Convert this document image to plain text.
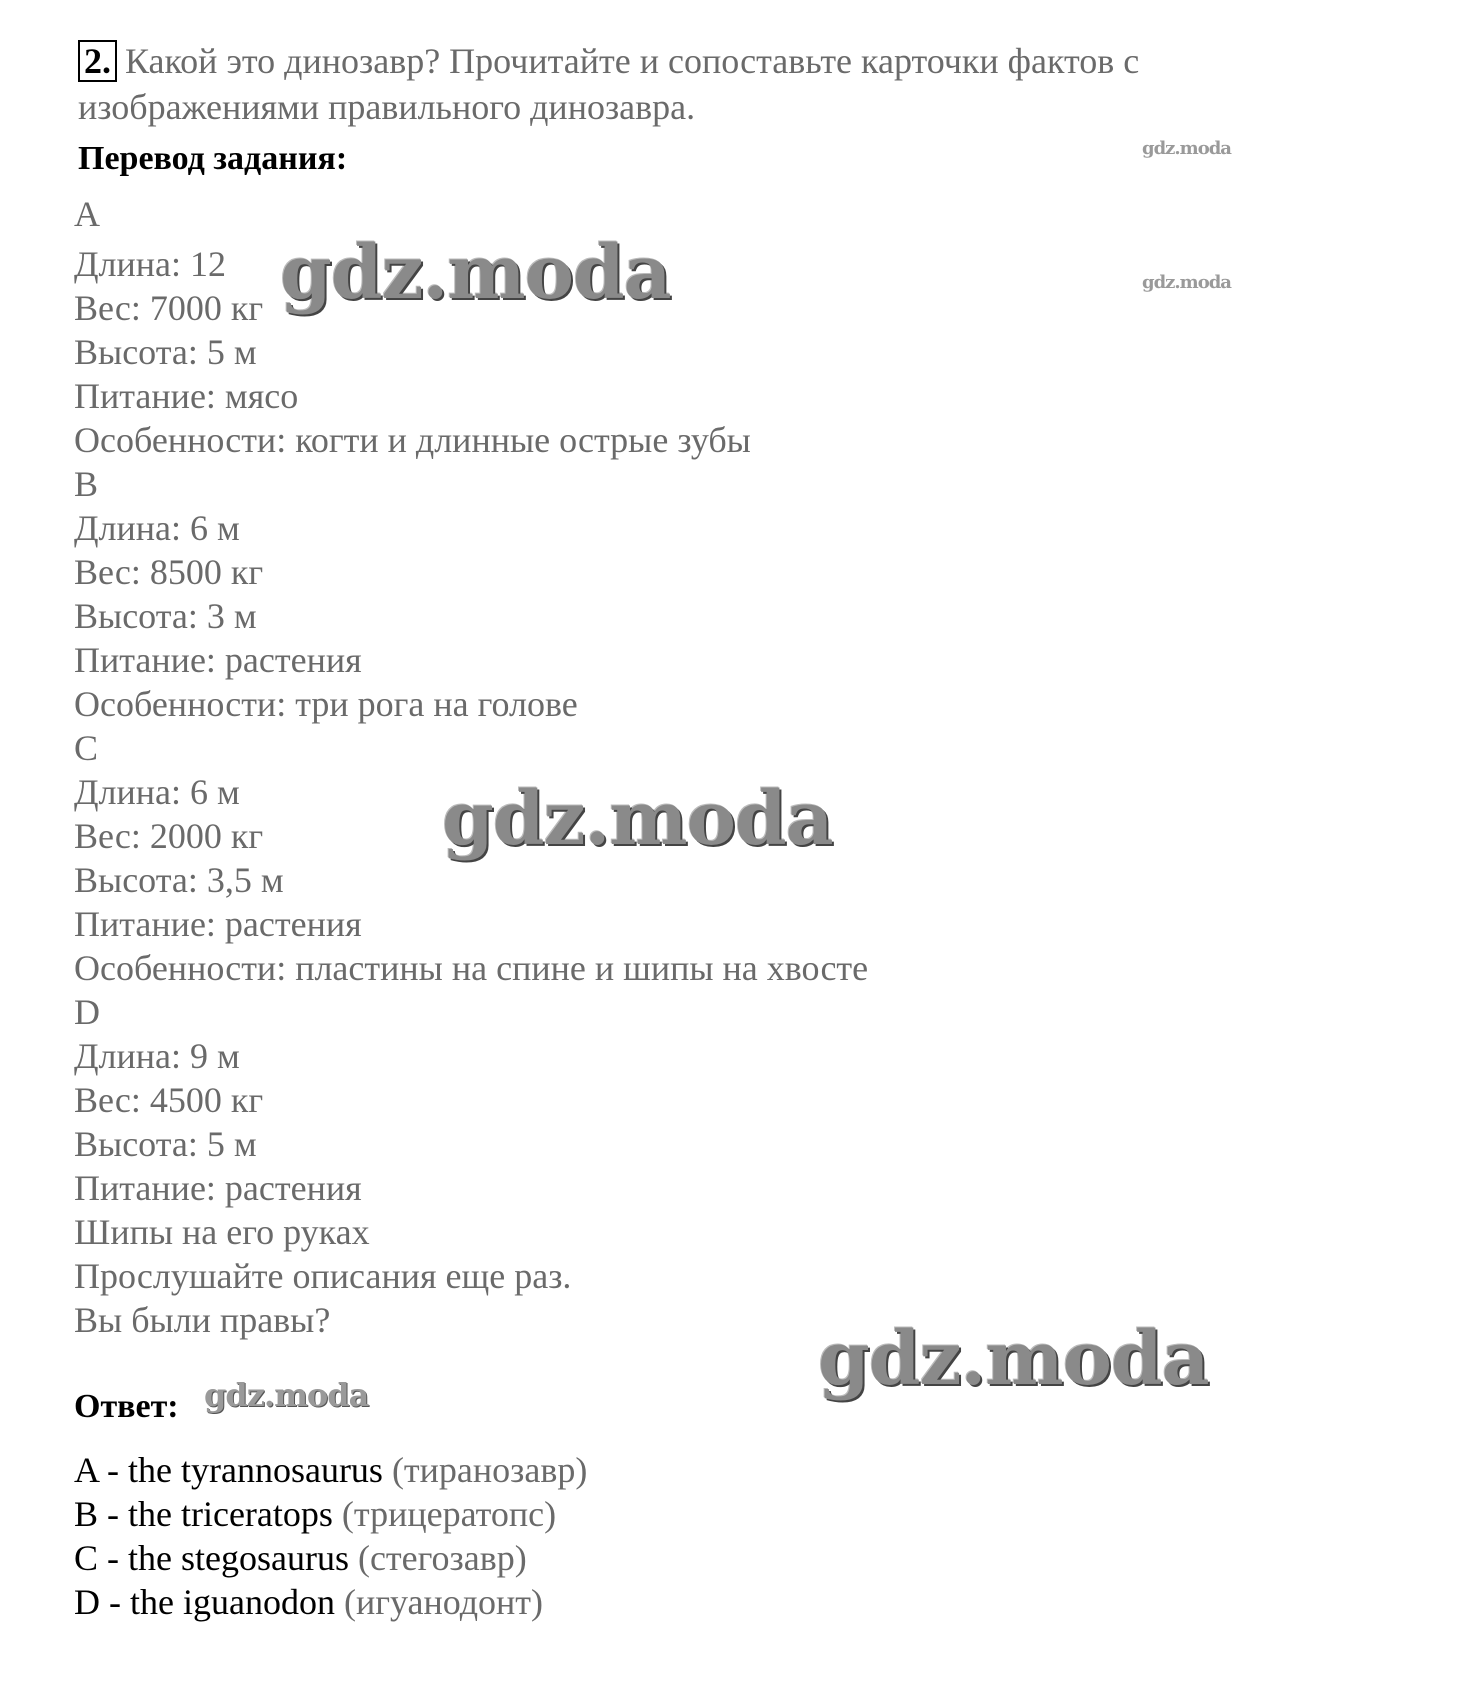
2. Какой это динозавр? Прочитайте и сопоставьте карточки фактов с изображениями правильного динозавра.
Перевод задания:
A
Длина: 12
Вес: 7000 кг
Высота: 5 м
Питание: мясо
Особенности: когти и длинные острые зубы
B
Длина: 6 м
Вес: 8500 кг
Высота: 3 м
Питание: растения
Особенности: три рога на голове
C
Длина: 6 м
Вес: 2000 кг
Высота: 3,5 м
Питание: растения
Особенности: пластины на спине и шипы на хвосте
D
Длина: 9 м
Вес: 4500 кг
Высота: 5 м
Питание: растения
Шипы на его руках
Прослушайте описания еще раз.
Вы были правы?
Ответ:
A - the tyrannosaurus (тиранозавр)
B - the triceratops (трицератопс)
C - the stegosaurus (стегозавр)
D - the iguanodon (игуанодонт)
gdz.moda
gdz.moda
gdz.moda
gdz.moda
gdz.moda
gdz.moda
